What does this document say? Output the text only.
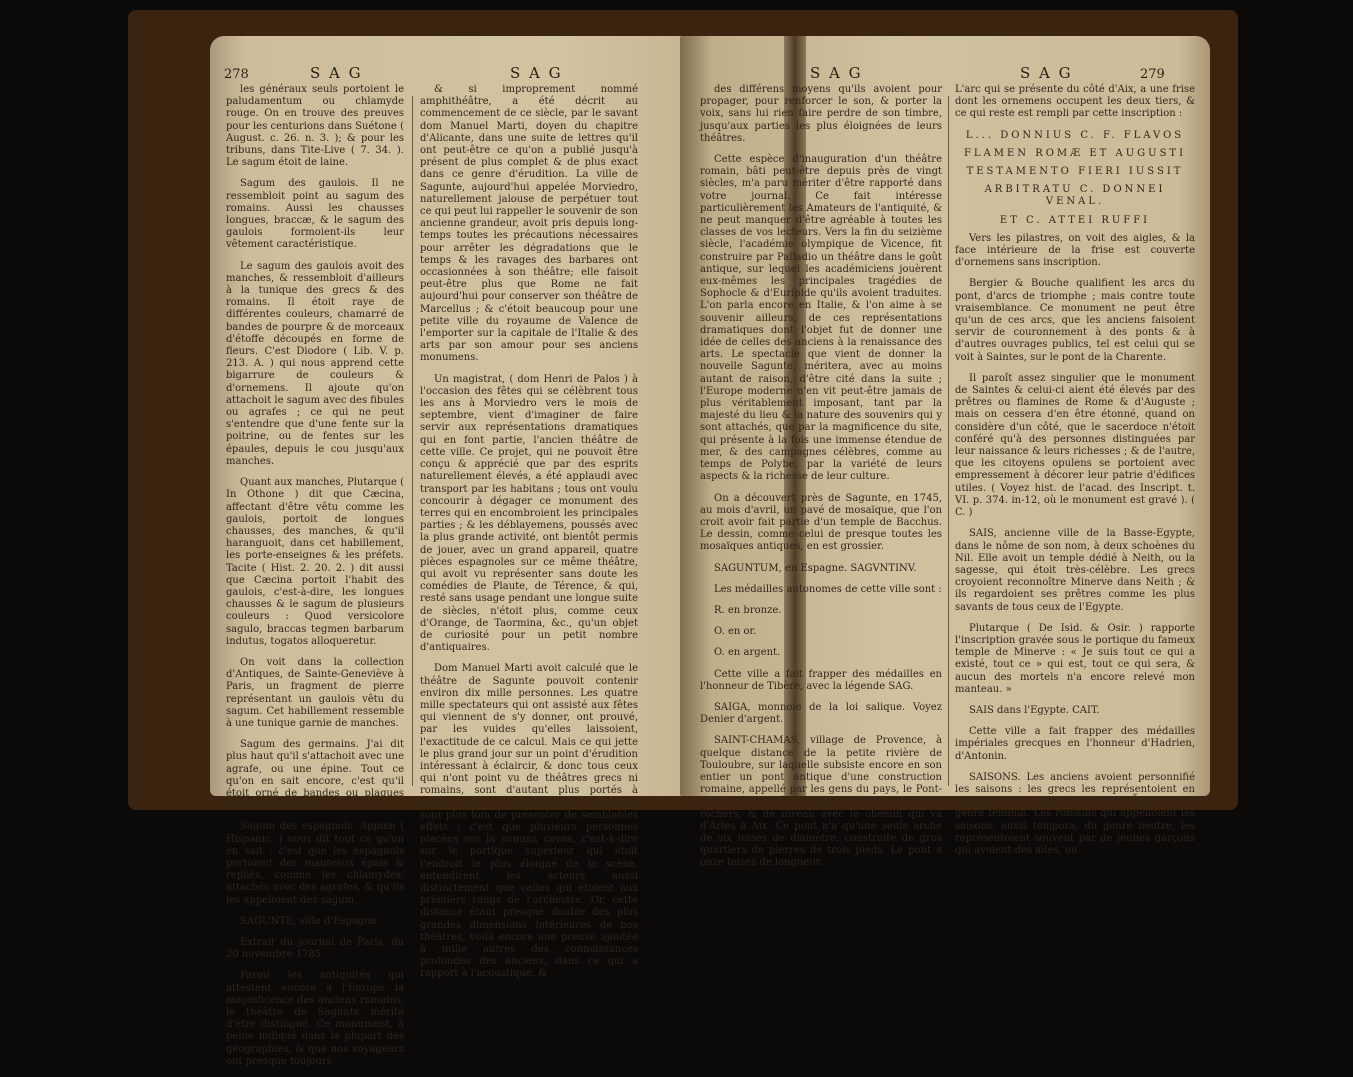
278	S A G	S A G

les généraux seuls portoient le paludamentum ou chlamyde rouge. On en trouve des preuves pour les centurions dans Suétone ( August. c. 26. n. 3. ); & pour les tribuns, dans Tite-Live ( 7. 34. ). Le sagum étoit de laine.

Sagum des gaulois. Il ne ressembloit point au sagum des romains. Aussi les chausses longues, braccæ, & le sagum des gaulois formoient-ils leur vêtement caractéristique.

Le sagum des gaulois avoit des manches, & ressembloit d'ailleurs à la tunique des grecs & des romains. Il étoit raye de différentes couleurs, chamarré de bandes de pourpre & de morceaux d'étoffe découpés en forme de fleurs. C'est Diodore ( Lib. V. p. 213. A. ) qui nous apprend cette bigarrure de couleurs & d'ornemens. Il ajoute qu'on attachoit le sagum avec des fibules ou agrafes ; ce qui ne peut s'entendre que d'une fente sur la poitrine, ou de fentes sur les épaules, depuis le cou jusqu'aux manches.

Quant aux manches, Plutarque ( In Othone ) dit que Cæcina, affectant d'être vêtu comme les gaulois, portoit de longues chausses, des manches, & qu'il haranguoit, dans cet habillement, les porte-enseignes & les préfets. Tacite ( Hist. 2. 20. 2. ) dit aussi que Cæcina portoit l'habit des gaulois, c'est-à-dire, les longues chausses & le sagum de plusieurs couleurs : Quod versicolore sagulo, braccas tegmen barbarum indutus, togatos alloqueretur.

On voit dans la collection d'Antiques, de Sainte-Geneviève à Paris, un fragment de pierre représentant un gaulois vêtu du sagum. Cet habillement ressemble à une tunique garnie de manches.

Sagum des germains. J'ai dit plus haut qu'il s'attachoit avec une agrafe, ou une épine. Tout ce qu'on en sait encore, c'est qu'il étoit orné de bandes ou plaques d'argent ( Herodi. 4. 7. 9. 5. ).

Sagum des espagnols. Appien ( Hispanic. ) nous dit tout ce qu'on en sait : c'est que les espagnols portoient des manteaux épais & repliés, comme les chlamydes, attachés avec des agrafes, & qu'ils les appeloient des sagum.

SAGUNTE, ville d'Espagne.

Extrait du journal de Paris, du 20 novembre 1785.

Parmi les antiquités qui attestent encore à l'Europe la magnificence des anciens romains, le théâtre de Sagunte mérite d'être distingué. Ce monument, à peine indiqué dans la plupart des géographies, & que nos voyageurs ont presque toujours

& si improprement nommé amphithéâtre, a été décrit au commencement de ce siècle, par le savant dom Manuel Marti, doyen du chapitre d'Alicante, dans une suite de lettres qu'il ont peut-être ce qu'on a publié jusqu'à présent de plus complet & de plus exact dans ce genre d'érudition. La ville de Sagunte, aujourd'hui appelée Morviedro, naturellement jalouse de perpétuer tout ce qui peut lui rappeller le souvenir de son ancienne grandeur, avoit pris depuis long-temps toutes les précautions nécessaires pour arrêter les dégradations que le temps & les ravages des barbares ont occasionnées à son théâtre; elle faisoit peut-être plus que Rome ne fait aujourd'hui pour conserver son théâtre de Marcellus ; & c'étoit beaucoup pour une petite ville du royaume de Valence de l'emporter sur la capitale de l'Italie & des arts par son amour pour ses anciens monumens.

Un magistrat, ( dom Henri de Palos ) à l'occasion des fêtes qui se célèbrent tous les ans à Morviedro vers le mois de septembre, vient d'imaginer de faire servir aux représentations dramatiques qui en font partie, l'ancien théâtre de cette ville. Ce projet, qui ne pouvoit être conçu & apprécié que par des esprits naturellement élevés, a été applaudi avec transport par les habitans ; tous ont voulu concourir à dégager ce monument des terres qui en encombroient les principales parties ; & les déblayemens, poussés avec la plus grande activité, ont bientôt permis de jouer, avec un grand appareil, quatre pièces espagnoles sur ce même théâtre, qui avoit vu représenter sans doute les comédies de Plaute, de Térence, & qui, resté sans usage pendant une longue suite de siècles, n'étoit plus, comme ceux d'Orange, de Taormina, &c., qu'un objet de curiosité pour un petit nombre d'antiquaires.

Dom Manuel Marti avoit calculé que le théâtre de Sagunte pouvoit contenir environ dix mille personnes. Les quatre mille spectateurs qui ont assisté aux fêtes qui viennent de s'y donner, ont prouvé, par les vuides qu'elles laissoient, l'exactitude de ce calcul. Mais ce qui jette le plus grand jour sur un point d'érudition intéressant à éclaircir, & donc tous ceux qui n'ont point vu de théâtres grecs ni romains, sont d'autant plus portés à douter que nos constructions modernes sont plus loin de présenter de semblables effets ; c'est que plusieurs personnes placées sur la summa cavea, c'est-à-dire sur le portique supérieur qui étoit l'endroit le plus éloigné de la scène, entendirent les acteurs aussi distinctement que celles qui étoient aux premiers rangs de l'orchestre. Or, cette distance étant presque double des plus grandes dimensions intérieures de nos théâtres, voilà encore une preuve ajoutée à mille autres des connoissances profondes des anciens, dans ce qui a rapport à l'acoustique, &

S A G	S A G	279

des différens moyens qu'ils avoient pour propager, pour renforcer le son, & porter la voix, sans lui rien faire perdre de son timbre, jusqu'aux parties les plus éloignées de leurs théâtres.

Cette espèce d'inauguration d'un théâtre romain, bâti peut-être depuis près de vingt siècles, m'a paru mériter d'être rapporté dans votre journal. Ce fait intéresse particulièrement les Amateurs de l'antiquité, & ne peut manquer d'être agréable à toutes les classes de vos lecteurs. Vers la fin du seizième siècle, l'académie olympique de Vicence, fit construire par Palladio un théâtre dans le goût antique, sur lequel les académiciens jouèrent eux-mêmes les principales tragédies de Sophocle & d'Euripide qu'ils avoient traduites. L'on parla encore en Italie, & l'on aime à se souvenir ailleurs, de ces représentations dramatiques dont l'objet fut de donner une idée de celles des anciens à la renaissance des arts. Le spectacle que vient de donner la nouvelle Sagunte, méritera, avec au moins autant de raison, d'être cité dans la suite ; l'Europe moderne n'en vit peut-être jamais de plus véritablement imposant, tant par la majesté du lieu & la nature des souvenirs qui y sont attachés, que par la magnificence du site, qui présente à la fois une immense étendue de mer, & des campagnes célèbres, comme au temps de Polybe, par la variété de leurs aspects & la richesse de leur culture.

On a découvert près de Sagunte, en 1745, au mois d'avril, un pavé de mosaïque, que l'on croit avoir fait partie d'un temple de Bacchus. Le dessin, comme celui de presque toutes les mosaïques antiques, en est grossier.

SAGUNTUM, en Espagne. SAGVNTINV.

Les médailles autonomes de cette ville sont :

R. en bronze.

O. en or.

O. en argent.

Cette ville a fait frapper des médailles en l'honneur de Tibère, avec la légende SAG.

SAIGA, monnoie de la loi salique. Voyez Denier d'argent.

SAINT-CHAMAS, village de Provence, à quelque distance de la petite rivière de Touloubre, sur laquelle subsiste encore en son entier un pont antique d'une construction romaine, appellé par les gens du pays, le Pont-Surian. Il est bâti en plein ceintre entre deux rochers, & de niveau avec le chemin qui va d'Arles à Aix. Ce pont n'a qu'une seule arche de six toises de diamètre, construite de gros quartiers de pierres de trois pieds. Le pont a onze toises de longueur.

L'arc qui se présente du côté d'Aix, a une frise dont les ornemens occupent les deux tiers, & ce qui reste est rempli par cette inscription :

L... DONNIUS C. F. FLAVOS

FLAMEN ROMÆ ET AUGUSTI

TESTAMENTO FIERI IUSSIT

ARBITRATU C. DONNEI VENAL.

ET C. ATTEI RUFFI

Vers les pilastres, on voit des aigles, & la face intérieure de la frise est couverte d'ornemens sans inscription.

Bergier & Bouche qualifient les arcs du pont, d'arcs de triomphe ; mais contre toute vraisemblance. Ce monument ne peut être qu'un de ces arcs, que les anciens faisoient servir de couronnement à des ponts & à d'autres ouvrages publics, tel est celui qui se voit à Saintes, sur le pont de la Charente.

Il paroît assez singulier que le monument de Saintes & celui-ci aient été élevés par des prêtres ou flamines de Rome & d'Auguste ; mais on cessera d'en être étonné, quand on considère d'un côté, que le sacerdoce n'étoit conféré qu'à des personnes distinguées par leur naissance & leurs richesses ; & de l'autre, que les citoyens opulens se portoient avec empressement à décorer leur patrie d'édifices utiles. ( Voyez hist. de l'acad. des Inscript. t. VI. p. 374. in-12, où le monument est gravé ). ( C. )

SAIS, ancienne ville de la Basse-Egypte, dans le nôme de son nom, à deux schoènes du Nil. Elle avoit un temple dédié à Neith, ou la sagesse, qui étoit très-célèbre. Les grecs croyoient reconnoître Minerve dans Neith ; & ils regardoient ses prêtres comme les plus savants de tous ceux de l'Egypte.

Plutarque ( De Isid. & Osir. ) rapporte l'inscription gravée sous le portique du fameux temple de Minerve : « Je suis tout ce qui a existé, tout ce » qui est, tout ce qui sera, & aucun des mortels n'a encore relevé mon manteau. »

SAIS dans l'Egypte. CAIT.

Cette ville a fait frapper des médailles impériales grecques en l'honneur d'Hadrien, d'Antonin.

SAISONS. Les anciens avoient personnifié les saisons : les grecs les représentoient en femmes, parce que le mot grec ὧραι est du genre féminin. Les romains qui appelloient les saisons, aussi tempora, du genre neutre, les représentoient souvent par de jeunes garçons qui avoient des ailes, ou
